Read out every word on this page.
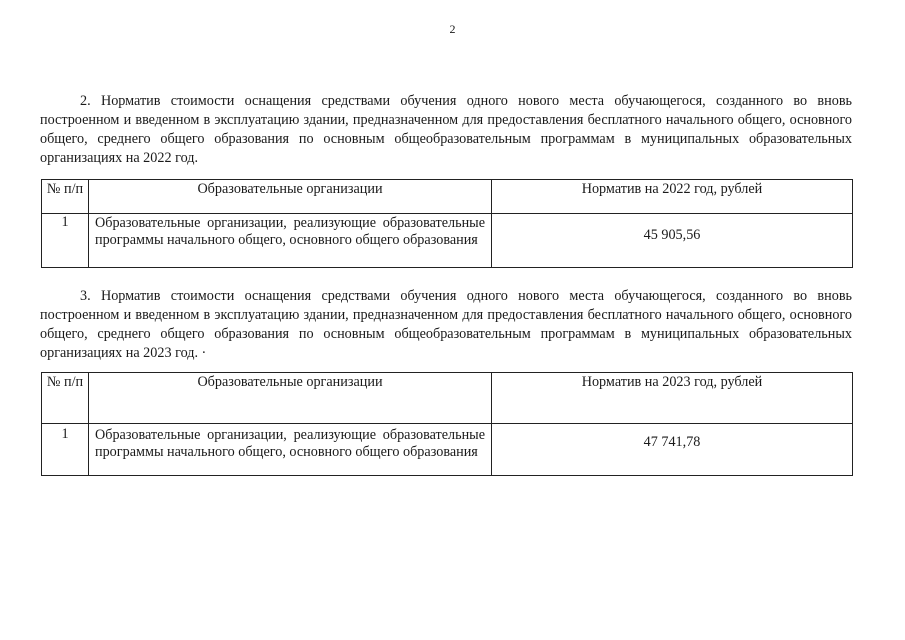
2

2. Норматив стоимости оснащения средствами обучения одного нового места обучающегося, созданного во вновь построенном и введенном в эксплуатацию здании, предназначенном для предоставления бесплатного начального общего, основного общего, среднего общего образования по основным общеобразовательным программам в муниципальных образовательных организациях на 2022 год.

№ п/п	Образовательные организации	Норматив на 2022 год, рублей

1	Образовательные организации, реализующие образовательные программы начального общего, основного общего образования	45 905,56

3. Норматив стоимости оснащения средствами обучения одного нового места обучающегося, созданного во вновь построенном и введенном в эксплуатацию здании, предназначенном для предоставления бесплатного начального общего, основного общего, среднего общего образования по основным общеобразовательным программам в муниципальных образовательных организациях на 2023 год. ·

№ п/п	Образовательные организации	Норматив на 2023 год, рублей

1	Образовательные организации, реализующие образовательные программы начального общего, основного общего образования	47 741,78
